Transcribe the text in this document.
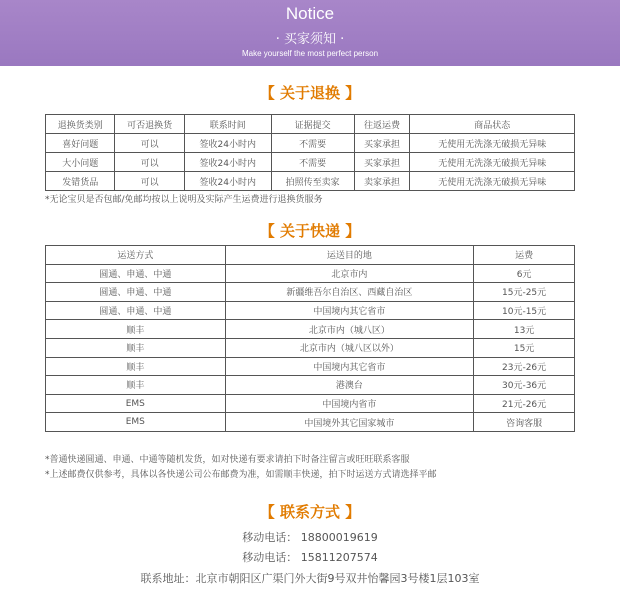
Notice
· 买家须知 ·
Make yourself the most perfect person
【 关于退换 】
退换货类别	可否退换货	联系时间	证据提交	往返运费	商品状态
喜好问题	可以	签收24小时内	不需要	买家承担	无使用无洗涤无破损无异味
大小问题	可以	签收24小时内	不需要	买家承担	无使用无洗涤无破损无异味
发错货品	可以	签收24小时内	拍照传至卖家	卖家承担	无使用无洗涤无破损无异味
*无论宝贝是否包邮/免邮均按以上说明及实际产生运费进行退换货服务
【 关于快递 】
运送方式	运送目的地	运费
圆通、申通、中通	北京市内	6元
圆通、申通、中通	新疆维吾尔自治区、西藏自治区	15元-25元
圆通、申通、中通	中国境内其它省市	10元-15元
顺丰	北京市内（城八区）	13元
顺丰	北京市内（城八区以外）	15元
顺丰	中国境内其它省市	23元-26元
顺丰	港澳台	30元-36元
EMS	中国境内省市	21元-26元
EMS	中国境外其它国家城市	咨询客服
*普通快递圆通、申通、中通等随机发货，如对快递有要求请拍下时备注留言或旺旺联系客服
*上述邮费仅供参考，具体以各快递公司公布邮费为准，如需顺丰快递，拍下时运送方式请选择平邮
【 联系方式 】
移动电话： 18800019619
移动电话： 15811207574
联系地址：北京市朝阳区广渠门外大街9号双井怡馨园3号楼1层103室
